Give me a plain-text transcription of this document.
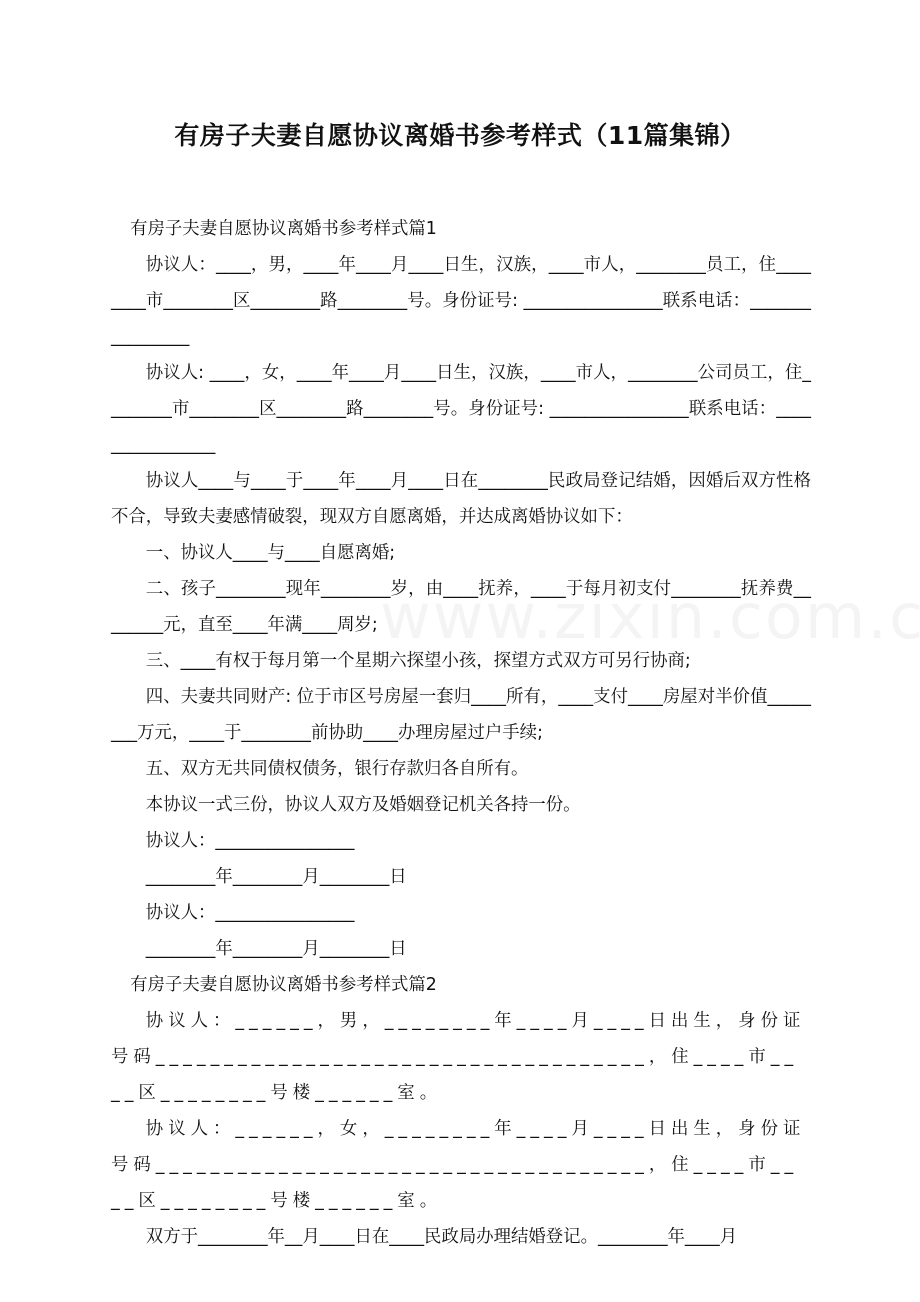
有房子夫妻自愿协议离婚书参考样式（11篇集锦）

有房子夫妻自愿协议离婚书参考样式篇1

协议人：____，男，____年____月____日生，汉族，____市人，________员工，住________市________区________路________号。身份证号: ________________联系电话：________________

协议人: ____，女，____年____月____日生，汉族，____市人，________公司员工，住________市________区________路________号。身份证号: ________________联系电话：________________

协议人____与____于____年____月____日在________民政局登记结婚，因婚后双方性格不合，导致夫妻感情破裂，现双方自愿离婚，并达成离婚协议如下：

一、协议人____与____自愿离婚;

二、孩子________现年________岁，由____抚养，____于每月初支付________抚养费________元，直至____年满____周岁;

三、____有权于每月第一个星期六探望小孩，探望方式双方可另行协商;

四、夫妻共同财产: 位于市区号房屋一套归____所有，____支付____房屋对半价值________万元，____于________前协助____办理房屋过户手续;

五、双方无共同债权债务，银行存款归各自所有。

本协议一式三份，协议人双方及婚姻登记机关各持一份。

协议人：________________

________年________月________日

协议人：________________

________年________月________日

有房子夫妻自愿协议离婚书参考样式篇2

协议人：______，男，________年____月____日出生，身份证号码____________________________________，住____市____区________号楼______室。

协议人：______，女，________年____月____日出生，身份证号码____________________________________，住____市____区________号楼______室。

双方于________年__月____日在____民政局办理结婚登记。________年____月
